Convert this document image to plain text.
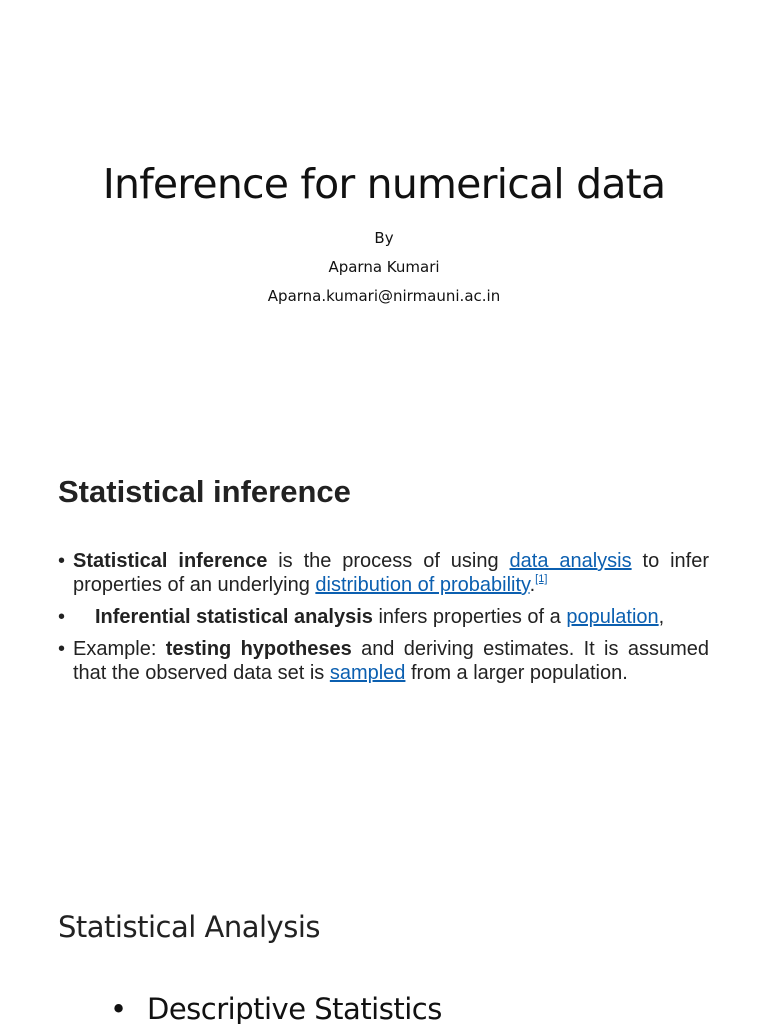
Inference for numerical data
By
Aparna Kumari
Aparna.kumari@nirmauni.ac.in
Statistical inference
• Statistical inference is the process of using data analysis to infer properties of an underlying distribution of probability.[1]
• Inferential statistical analysis infers properties of a population,
• Example: testing hypotheses and deriving estimates. It is assumed that the observed data set is sampled from a larger population.
Statistical Analysis
• Descriptive Statistics
